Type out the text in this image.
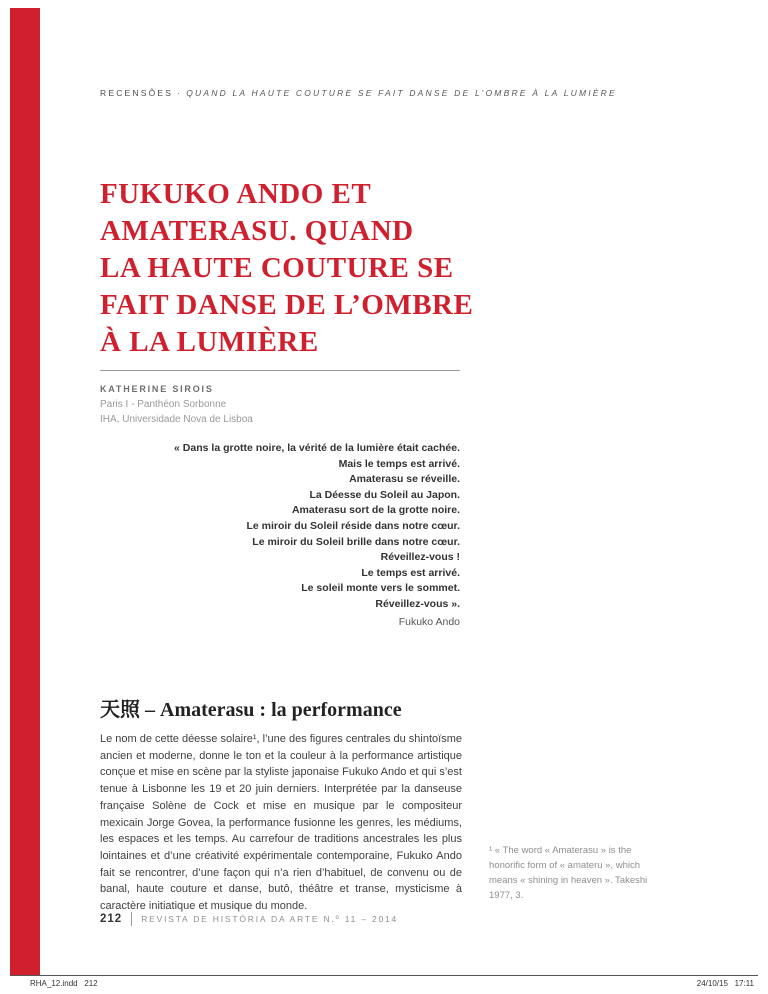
RECENSÕES · QUAND LA HAUTE COUTURE SE FAIT DANSE DE L’OMBRE À LA LUMIÈRE
FUKUKO ANDO ET
AMATERASU. QUAND
LA HAUTE COUTURE SE
FAIT DANSE DE L’OMBRE
À LA LUMIÈRE
KATHERINE SIROIS
Paris I - Panthéon Sorbonne
IHA, Universidade Nova de Lisboa
« Dans la grotte noire, la vérité de la lumière était cachée.
Mais le temps est arrivé.
Amaterasu se réveille.
La Déesse du Soleil au Japon.
Amaterasu sort de la grotte noire.
Le miroir du Soleil réside dans notre cœur.
Le miroir du Soleil brille dans notre cœur.
Réveillez-vous !
Le temps est arrivé.
Le soleil monte vers le sommet.
Réveillez-vous ».
Fukuko Ando
天照 – Amaterasu : la performance

Le nom de cette déesse solaire¹, l’une des figures centrales du shintoïsme ancien et moderne, donne le ton et la couleur à la performance artistique conçue et mise en scène par la styliste japonaise Fukuko Ando et qui s’est tenue à Lisbonne les 19 et 20 juin derniers. Interprétée par la danseuse française Solène de Cock et mise en musique par le compositeur mexicain Jorge Govea, la performance fusionne les genres, les médiums, les espaces et les temps. Au carrefour de traditions ancestrales les plus lointaines et d’une créativité expérimentale contemporaine, Fukuko Ando fait se rencontrer, d’une façon qui n’a rien d’habituel, de convenu ou de banal, haute couture et danse, butô, théâtre et transe, mysticisme à caractère initiatique et musique du monde.

¹ « The word « Amaterasu » is the honorific form of « amateru », which means « shining in heaven ». Takeshi 1977, 3.
212 REVISTA DE HISTÓRIA DA ARTE N.º 11 – 2014
RHA_12.indd   212	24/10/15   17:11
